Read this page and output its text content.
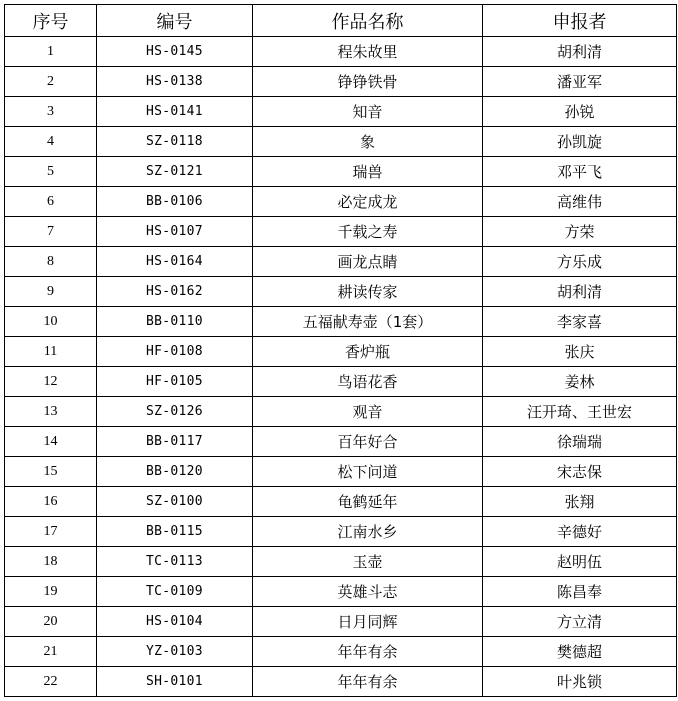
序号	编号	作品名称	申报者
1	HS-0145	程朱故里	胡利清
2	HS-0138	铮铮铁骨	潘亚军
3	HS-0141	知音	孙锐
4	SZ-0118	象	孙凯旋
5	SZ-0121	瑞兽	邓平飞
6	BB-0106	必定成龙	高维伟
7	HS-0107	千载之寿	方荣
8	HS-0164	画龙点睛	方乐成
9	HS-0162	耕读传家	胡利清
10	BB-0110	五福献寿壶（1套）	李家喜
11	HF-0108	香炉瓶	张庆
12	HF-0105	鸟语花香	姜林
13	SZ-0126	观音	汪开琦、王世宏
14	BB-0117	百年好合	徐瑞瑞
15	BB-0120	松下问道	宋志保
16	SZ-0100	龟鹤延年	张翔
17	BB-0115	江南水乡	辛德好
18	TC-0113	玉壶	赵明伍
19	TC-0109	英雄斗志	陈昌奉
20	HS-0104	日月同辉	方立清
21	YZ-0103	年年有余	樊德超
22	SH-0101	年年有余	叶兆锁
